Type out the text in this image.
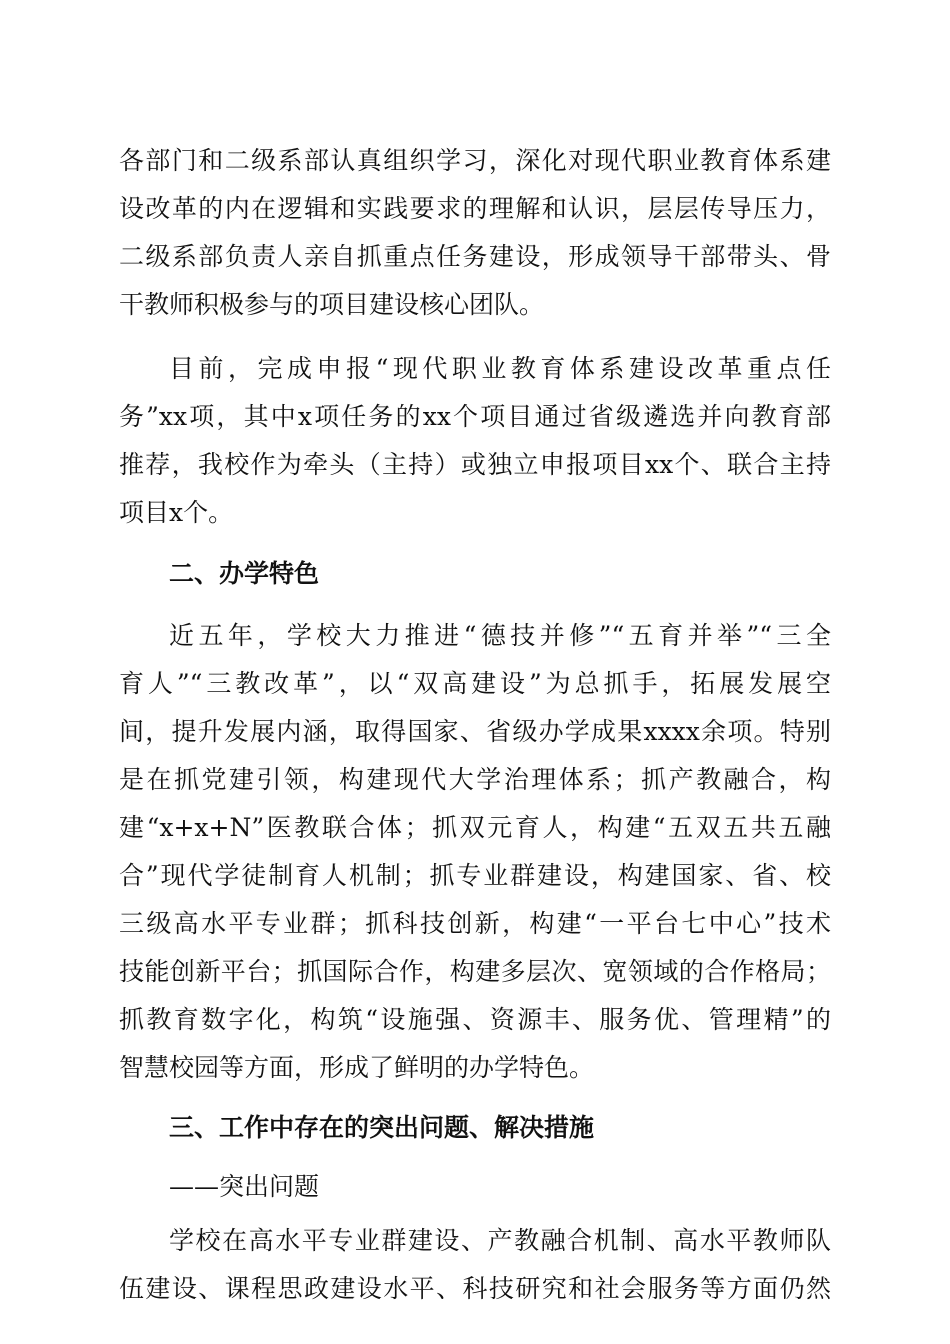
各部门和二级系部认真组织学习，深化对现代职业教育体系建

设改革的内在逻辑和实践要求的理解和认识，层层传导压力，

二级系部负责人亲自抓重点任务建设，形成领导干部带头、骨

干教师积极参与的项目建设核心团队。

目前，完成申报“现代职业教育体系建设改革重点任

务”xx项，其中x项任务的xx个项目通过省级遴选并向教育部

推荐，我校作为牵头（主持）或独立申报项目xx个、联合主持

项目x个。

二、办学特色

近五年，学校大力推进“德技并修”“五育并举”“三全

育人”“三教改革”，以“双高建设”为总抓手，拓展发展空

间，提升发展内涵，取得国家、省级办学成果xxxx余项。特别

是在抓党建引领，构建现代大学治理体系；抓产教融合，构

建“x+x+N”医教联合体；抓双元育人，构建“五双五共五融

合”现代学徒制育人机制；抓专业群建设，构建国家、省、校

三级高水平专业群；抓科技创新，构建“一平台七中心”技术

技能创新平台；抓国际合作，构建多层次、宽领域的合作格局；

抓教育数字化，构筑“设施强、资源丰、服务优、管理精”的

智慧校园等方面，形成了鲜明的办学特色。

三、工作中存在的突出问题、解决措施

——突出问题

学校在高水平专业群建设、产教融合机制、高水平教师队

伍建设、课程思政建设水平、科技研究和社会服务等方面仍然
